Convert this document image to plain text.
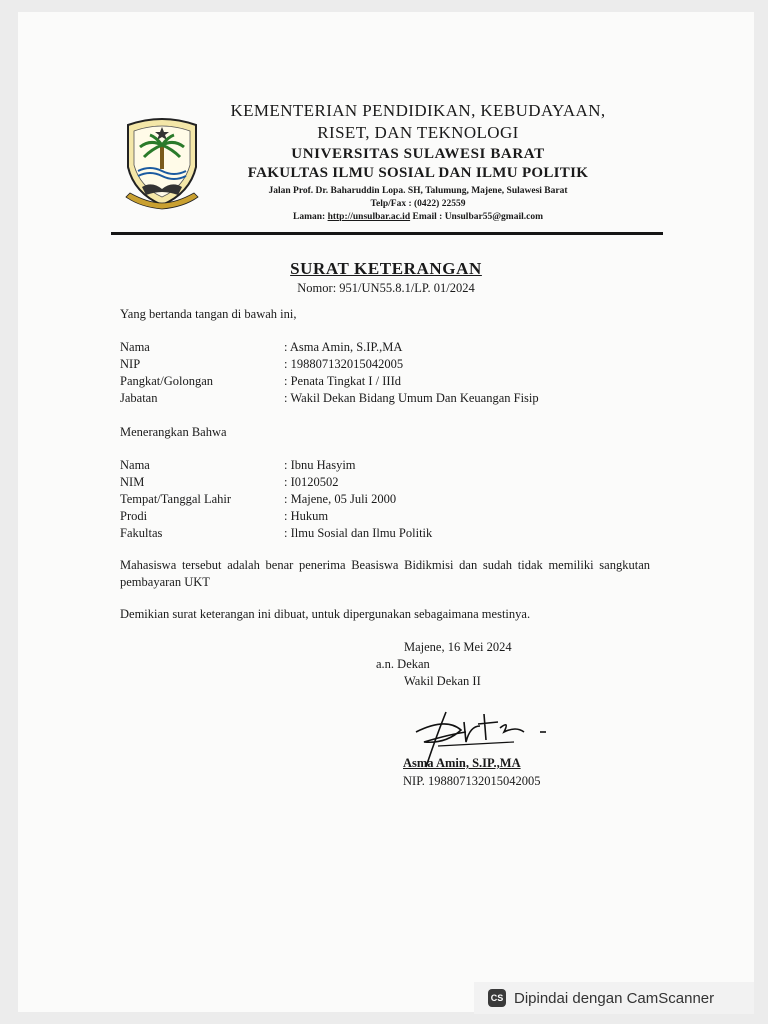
KEMENTERIAN PENDIDIKAN, KEBUDAYAAN,
RISET, DAN TEKNOLOGI
UNIVERSITAS SULAWESI BARAT
FAKULTAS ILMU SOSIAL DAN ILMU POLITIK
Jalan Prof. Dr. Baharuddin Lopa. SH, Talumung, Majene, Sulawesi Barat
Telp/Fax : (0422) 22559
Laman: http://unsulbar.ac.id Email : Unsulbar55@gmail.com
SURAT KETERANGAN
Nomor: 951/UN55.8.1/LP. 01/2024
Yang bertanda tangan di bawah ini,
Nama	: Asma Amin, S.IP.,MA
NIP	: 198807132015042005
Pangkat/Golongan	: Penata Tingkat I / IIId
Jabatan	: Wakil Dekan Bidang Umum Dan Keuangan Fisip
Menerangkan Bahwa
Nama	: Ibnu Hasyim
NIM	: I0120502
Tempat/Tanggal Lahir	: Majene, 05 Juli 2000
Prodi	: Hukum
Fakultas	: Ilmu Sosial dan Ilmu Politik
Mahasiswa tersebut adalah benar penerima Beasiswa Bidikmisi dan sudah tidak memiliki sangkutan pembayaran UKT
Demikian surat keterangan ini dibuat, untuk dipergunakan sebagaimana mestinya.
Majene, 16 Mei 2024
a.n. Dekan
Wakil Dekan II
Asma Amin, S.IP.,MA
NIP. 198807132015042005
CS Dipindai dengan CamScanner
